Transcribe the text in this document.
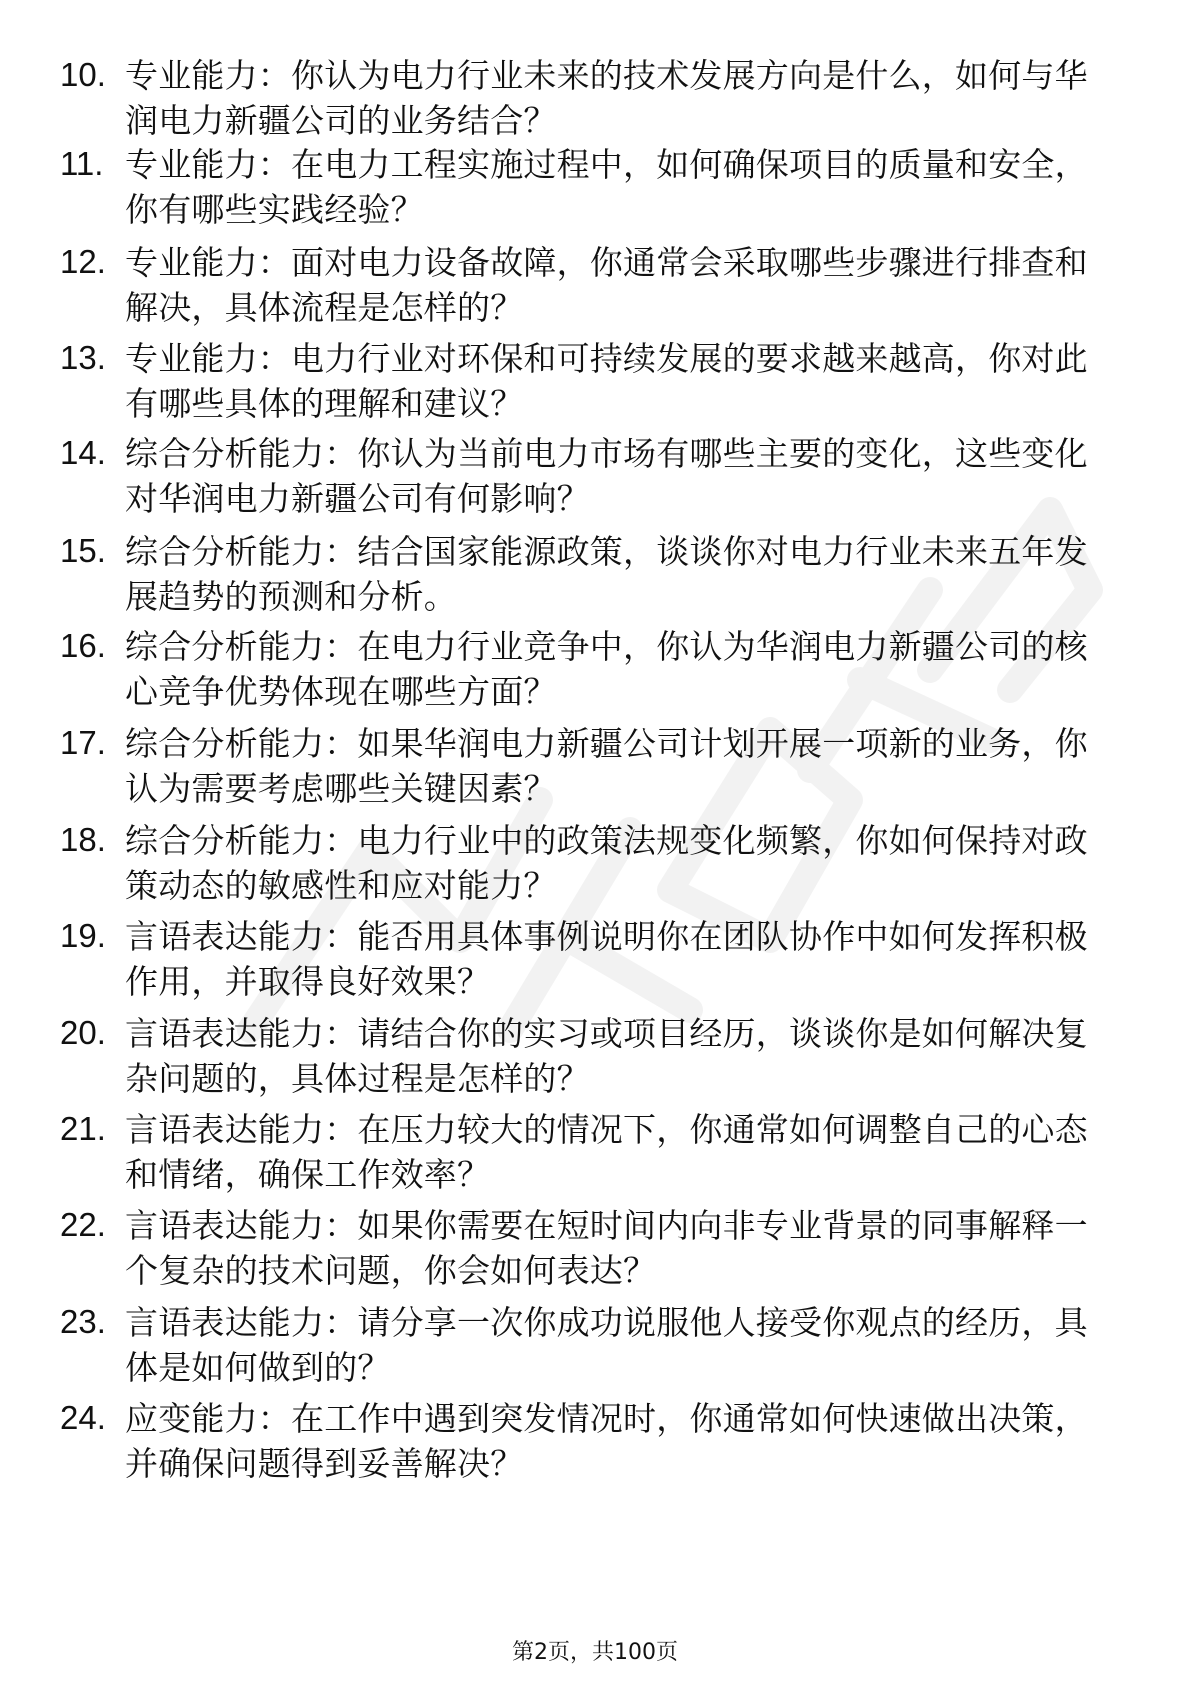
10. 专业能力：你认为电力行业未来的技术发展方向是什么，如何与华润电力新疆公司的业务结合？
11. 专业能力：在电力工程实施过程中，如何确保项目的质量和安全，你有哪些实践经验？
12. 专业能力：面对电力设备故障，你通常会采取哪些步骤进行排查和解决，具体流程是怎样的？
13. 专业能力：电力行业对环保和可持续发展的要求越来越高，你对此有哪些具体的理解和建议？
14. 综合分析能力：你认为当前电力市场有哪些主要的变化，这些变化对华润电力新疆公司有何影响？
15. 综合分析能力：结合国家能源政策，谈谈你对电力行业未来五年发展趋势的预测和分析。
16. 综合分析能力：在电力行业竞争中，你认为华润电力新疆公司的核心竞争优势体现在哪些方面？
17. 综合分析能力：如果华润电力新疆公司计划开展一项新的业务，你认为需要考虑哪些关键因素？
18. 综合分析能力：电力行业中的政策法规变化频繁，你如何保持对政策动态的敏感性和应对能力？
19. 言语表达能力：能否用具体事例说明你在团队协作中如何发挥积极作用，并取得良好效果？
20. 言语表达能力：请结合你的实习或项目经历，谈谈你是如何解决复杂问题的，具体过程是怎样的？
21. 言语表达能力：在压力较大的情况下，你通常如何调整自己的心态和情绪，确保工作效率？
22. 言语表达能力：如果你需要在短时间内向非专业背景的同事解释一个复杂的技术问题，你会如何表达？
23. 言语表达能力：请分享一次你成功说服他人接受你观点的经历，具体是如何做到的？
24. 应变能力：在工作中遇到突发情况时，你通常如何快速做出决策，并确保问题得到妥善解决？
第2页，共100页
